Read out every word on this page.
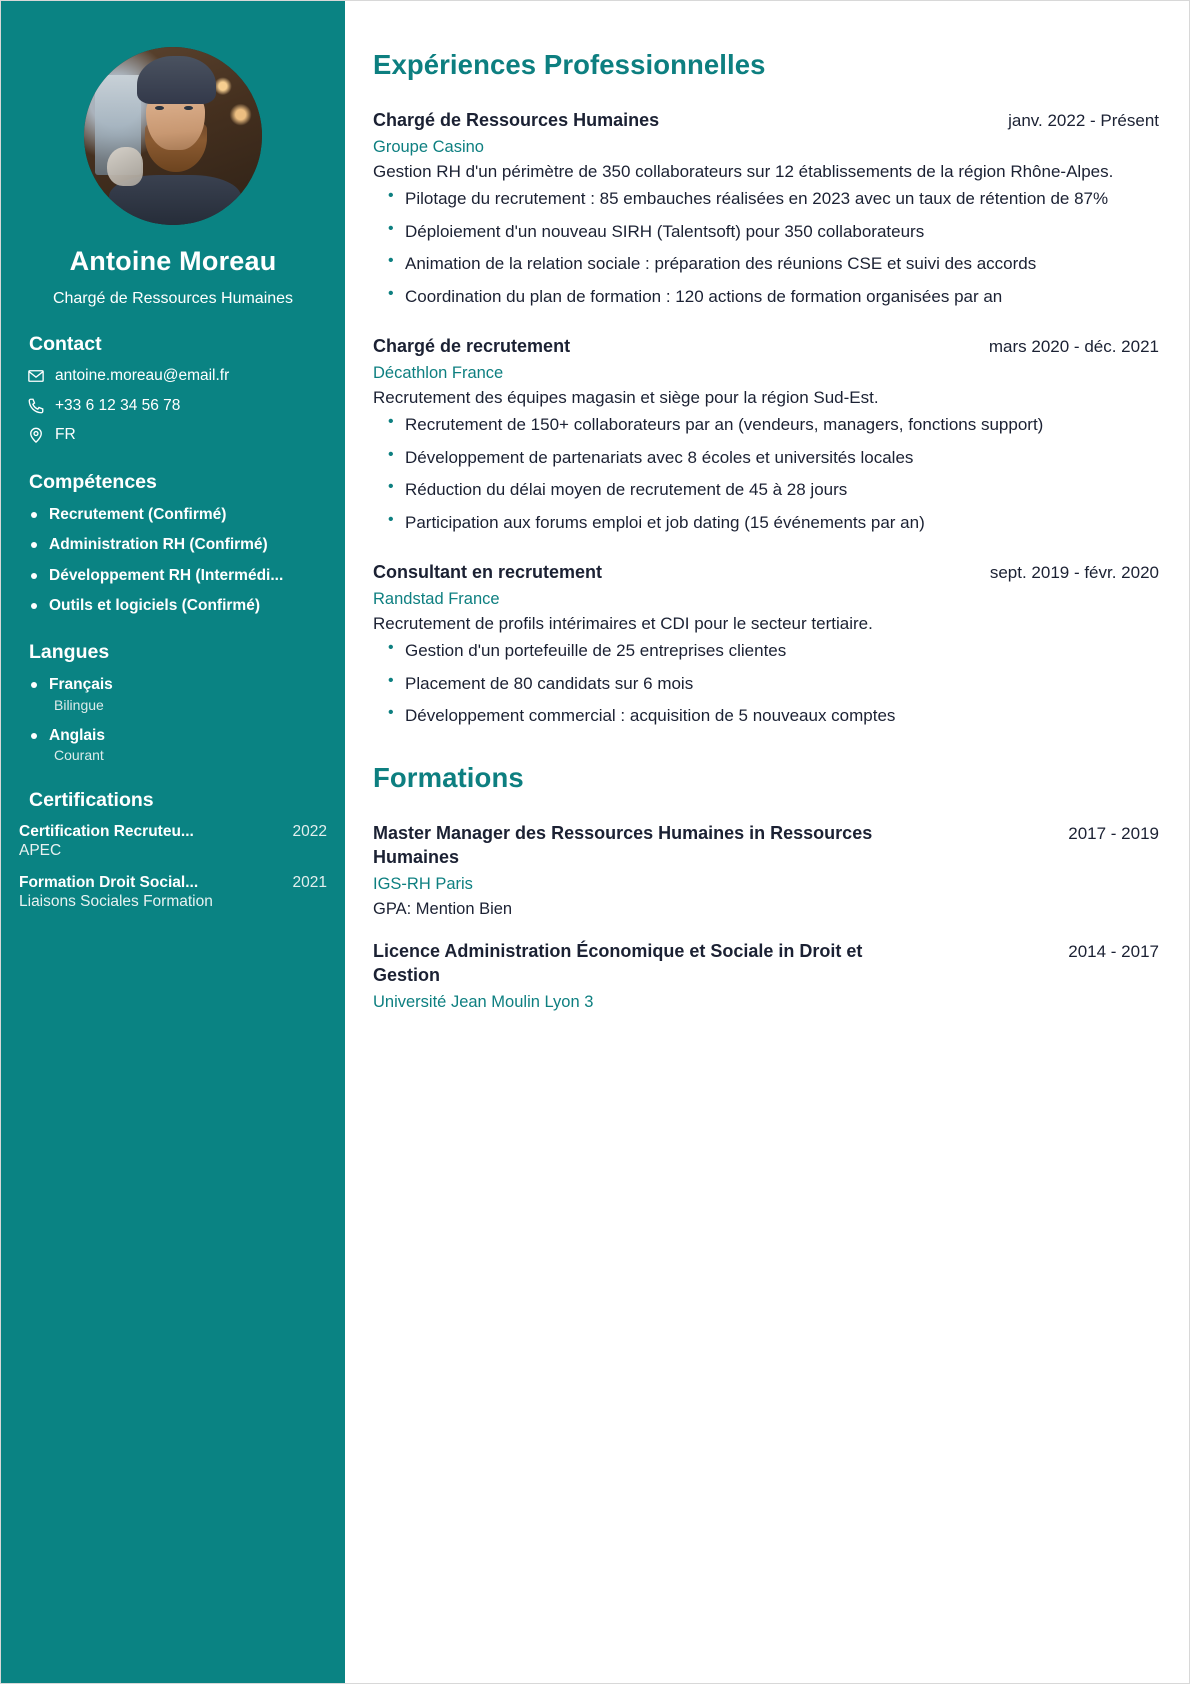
Antoine Moreau
Chargé de Ressources Humaines
Contact
antoine.moreau@email.fr
+33 6 12 34 56 78
FR
Compétences
Recrutement (Confirmé)
Administration RH (Confirmé)
Développement RH (Intermédi...
Outils et logiciels (Confirmé)
Langues
Français
Bilingue
Anglais
Courant
Certifications
Certification Recruteu...	2022
APEC
Formation Droit Social...	2021
Liaisons Sociales Formation
Expériences Professionnelles
Chargé de Ressources Humaines	janv. 2022 - Présent
Groupe Casino
Gestion RH d'un périmètre de 350 collaborateurs sur 12 établissements de la région Rhône-Alpes.
• Pilotage du recrutement : 85 embauches réalisées en 2023 avec un taux de rétention de 87%
• Déploiement d'un nouveau SIRH (Talentsoft) pour 350 collaborateurs
• Animation de la relation sociale : préparation des réunions CSE et suivi des accords
• Coordination du plan de formation : 120 actions de formation organisées par an
Chargé de recrutement	mars 2020 - déc. 2021
Décathlon France
Recrutement des équipes magasin et siège pour la région Sud-Est.
• Recrutement de 150+ collaborateurs par an (vendeurs, managers, fonctions support)
• Développement de partenariats avec 8 écoles et universités locales
• Réduction du délai moyen de recrutement de 45 à 28 jours
• Participation aux forums emploi et job dating (15 événements par an)
Consultant en recrutement	sept. 2019 - févr. 2020
Randstad France
Recrutement de profils intérimaires et CDI pour le secteur tertiaire.
• Gestion d'un portefeuille de 25 entreprises clientes
• Placement de 80 candidats sur 6 mois
• Développement commercial : acquisition de 5 nouveaux comptes
Formations
Master Manager des Ressources Humaines in Ressources Humaines
2017 - 2019
IGS-RH Paris
GPA: Mention Bien
Licence Administration Économique et Sociale in Droit et Gestion
2014 - 2017
Université Jean Moulin Lyon 3
